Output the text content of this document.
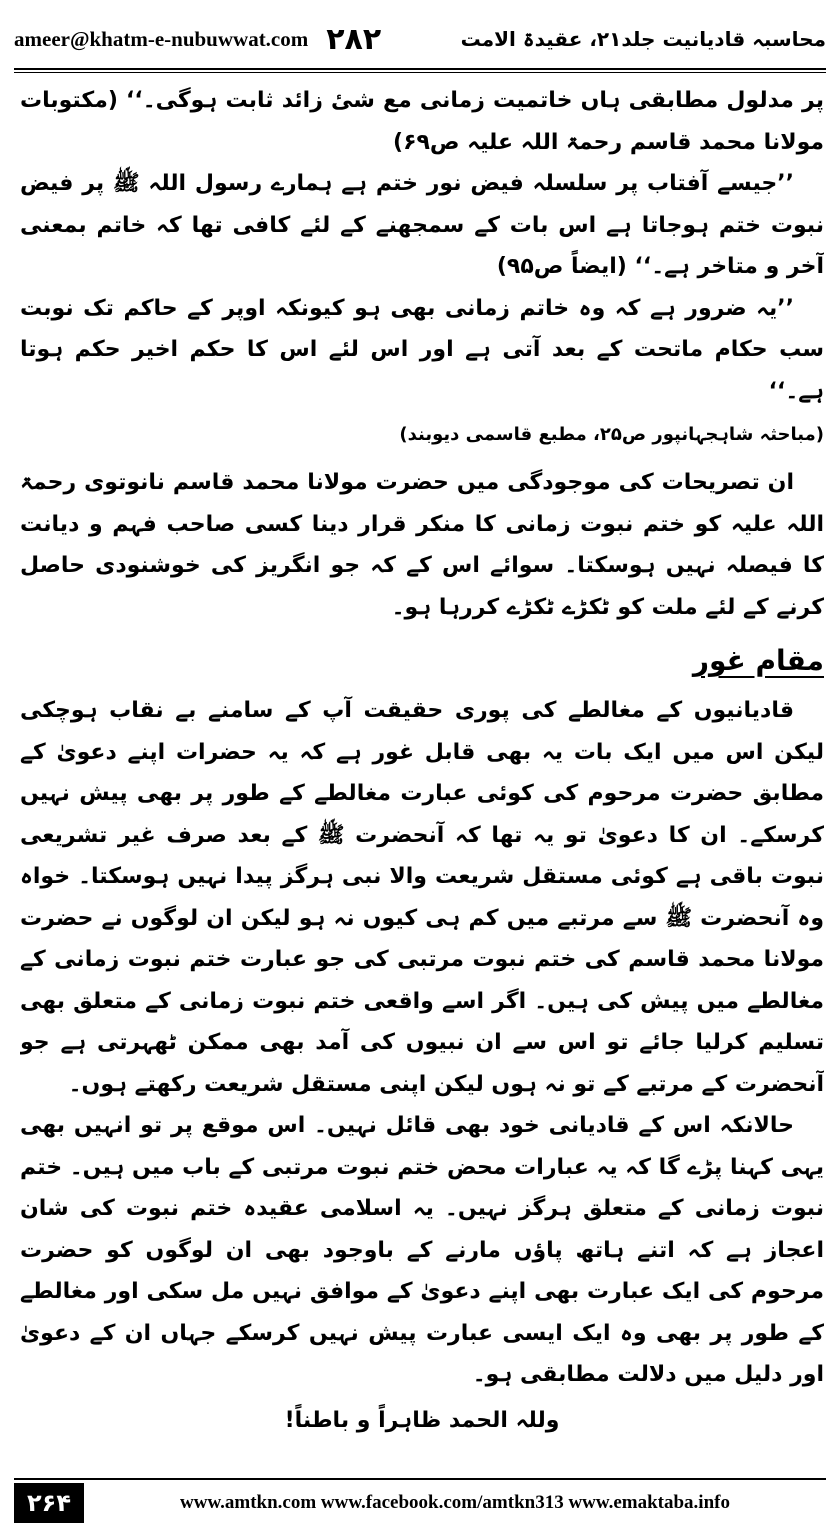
ameer@khatm-e-nubuwwat.com ۲۸۲	محاسبہ قادیانیت جلد۲۱، عقیدۃ الامت

پر مدلول مطابقی ہاں خاتمیت زمانی مع شیٔ زائد ثابت ہوگی۔‘‘ (مکتوبات مولانا محمد قاسم رحمۃ اللہ علیہ ص۶۹)

’’جیسے آفتاب پر سلسلہ فیض نور ختم ہے ہمارے رسول اللہ ﷺ پر فیض نبوت ختم ہوجاتا ہے اس بات کے سمجھنے کے لئے کافی تھا کہ خاتم بمعنی آخر و متاخر ہے۔‘‘ (ایضاً ص۹۵)

’’یہ ضرور ہے کہ وہ خاتم زمانی بھی ہو کیونکہ اوپر کے حاکم تک نوبت سب حکام ماتحت کے بعد آتی ہے اور اس لئے اس کا حکم اخیر حکم ہوتا ہے۔‘‘

(مباحثہ شاہجہانپور ص۲۵، مطبع قاسمی دیوبند)

ان تصریحات کی موجودگی میں حضرت مولانا محمد قاسم نانوتوی رحمۃ اللہ علیہ کو ختم نبوت زمانی کا منکر قرار دینا کسی صاحب فہم و دیانت کا فیصلہ نہیں ہوسکتا۔ سوائے اس کے کہ جو انگریز کی خوشنودی حاصل کرنے کے لئے ملت کو ٹکڑے ٹکڑے کررہا ہو۔

مقام غور

قادیانیوں کے مغالطے کی پوری حقیقت آپ کے سامنے بے نقاب ہوچکی لیکن اس میں ایک بات یہ بھی قابل غور ہے کہ یہ حضرات اپنے دعویٰ کے مطابق حضرت مرحوم کی کوئی عبارت مغالطے کے طور پر بھی پیش نہیں کرسکے۔ ان کا دعویٰ تو یہ تھا کہ آنحضرت ﷺ کے بعد صرف غیر تشریعی نبوت باقی ہے کوئی مستقل شریعت والا نبی ہرگز پیدا نہیں ہوسکتا۔ خواہ وہ آنحضرت ﷺ سے مرتبے میں کم ہی کیوں نہ ہو لیکن ان لوگوں نے حضرت مولانا محمد قاسم کی ختم نبوت مرتبی کی جو عبارت ختم نبوت زمانی کے مغالطے میں پیش کی ہیں۔ اگر اسے واقعی ختم نبوت زمانی کے متعلق بھی تسلیم کرلیا جائے تو اس سے ان نبیوں کی آمد بھی ممکن ٹھہرتی ہے جو آنحضرت کے مرتبے کے تو نہ ہوں لیکن اپنی مستقل شریعت رکھتے ہوں۔

حالانکہ اس کے قادیانی خود بھی قائل نہیں۔ اس موقع پر تو انہیں بھی یہی کہنا پڑے گا کہ یہ عبارات محض ختم نبوت مرتبی کے باب میں ہیں۔ ختم نبوت زمانی کے متعلق ہرگز نہیں۔ یہ اسلامی عقیدہ ختم نبوت کی شان اعجاز ہے کہ اتنے ہاتھ پاؤں مارنے کے باوجود بھی ان لوگوں کو حضرت مرحوم کی ایک عبارت بھی اپنے دعویٰ کے موافق نہیں مل سکی اور مغالطے کے طور پر بھی وہ ایک ایسی عبارت پیش نہیں کرسکے جہاں ان کے دعویٰ اور دلیل میں دلالت مطابقی ہو۔

وللہ الحمد ظاہراً و باطناً!

۲۶۴	www.amtkn.com www.facebook.com/amtkn313 www.emaktaba.info
